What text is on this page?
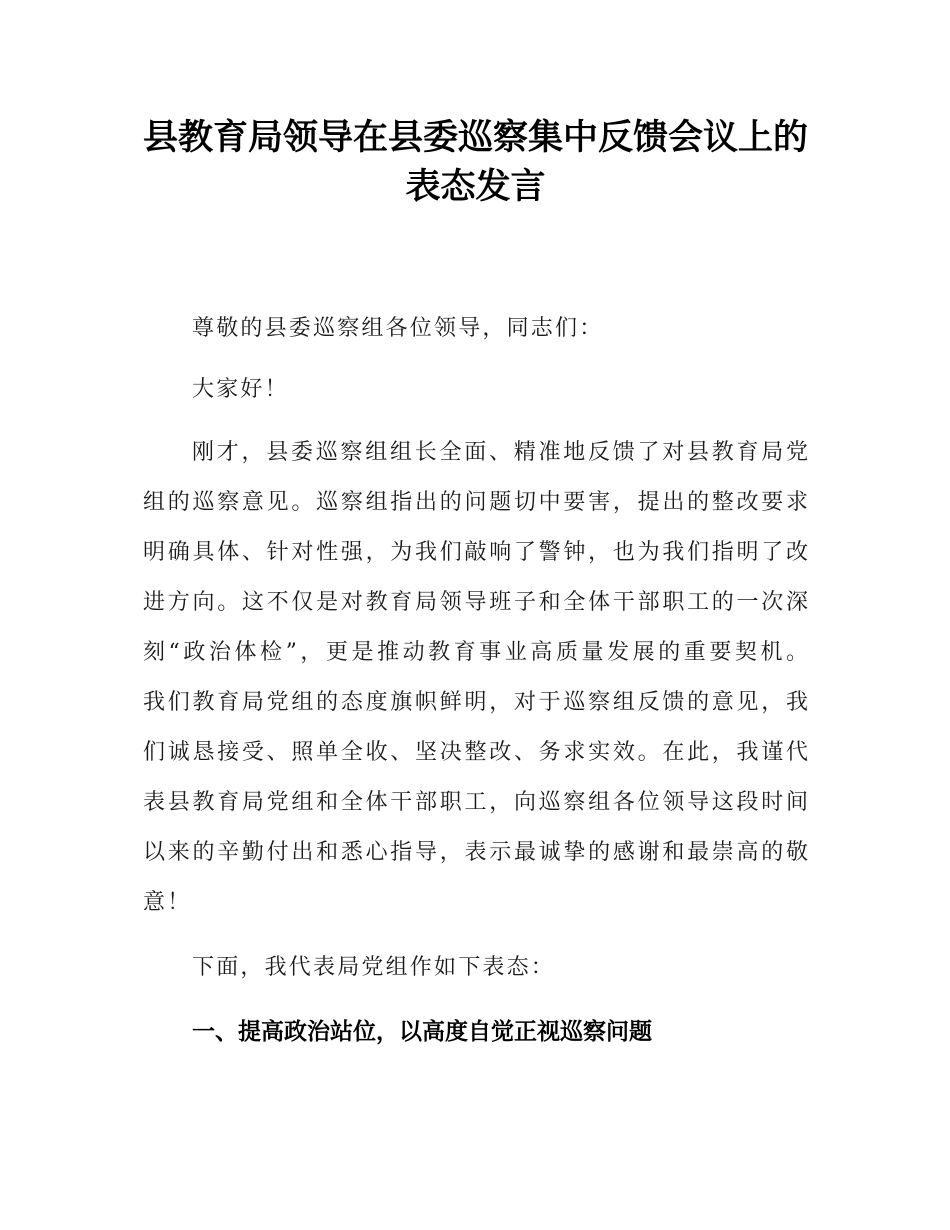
县教育局领导在县委巡察集中反馈会议上的
表态发言
尊敬的县委巡察组各位领导，同志们：
大家好！
刚才，县委巡察组组长全面、精准地反馈了对县教育局党
组的巡察意见。巡察组指出的问题切中要害，提出的整改要求
明确具体、针对性强，为我们敲响了警钟，也为我们指明了改
进方向。这不仅是对教育局领导班子和全体干部职工的一次深
刻“政治体检”，更是推动教育事业高质量发展的重要契机。
我们教育局党组的态度旗帜鲜明，对于巡察组反馈的意见，我
们诚恳接受、照单全收、坚决整改、务求实效。在此，我谨代
表县教育局党组和全体干部职工，向巡察组各位领导这段时间
以来的辛勤付出和悉心指导，表示最诚挚的感谢和最崇高的敬
意！
下面，我代表局党组作如下表态：
一、提高政治站位，以高度自觉正视巡察问题
